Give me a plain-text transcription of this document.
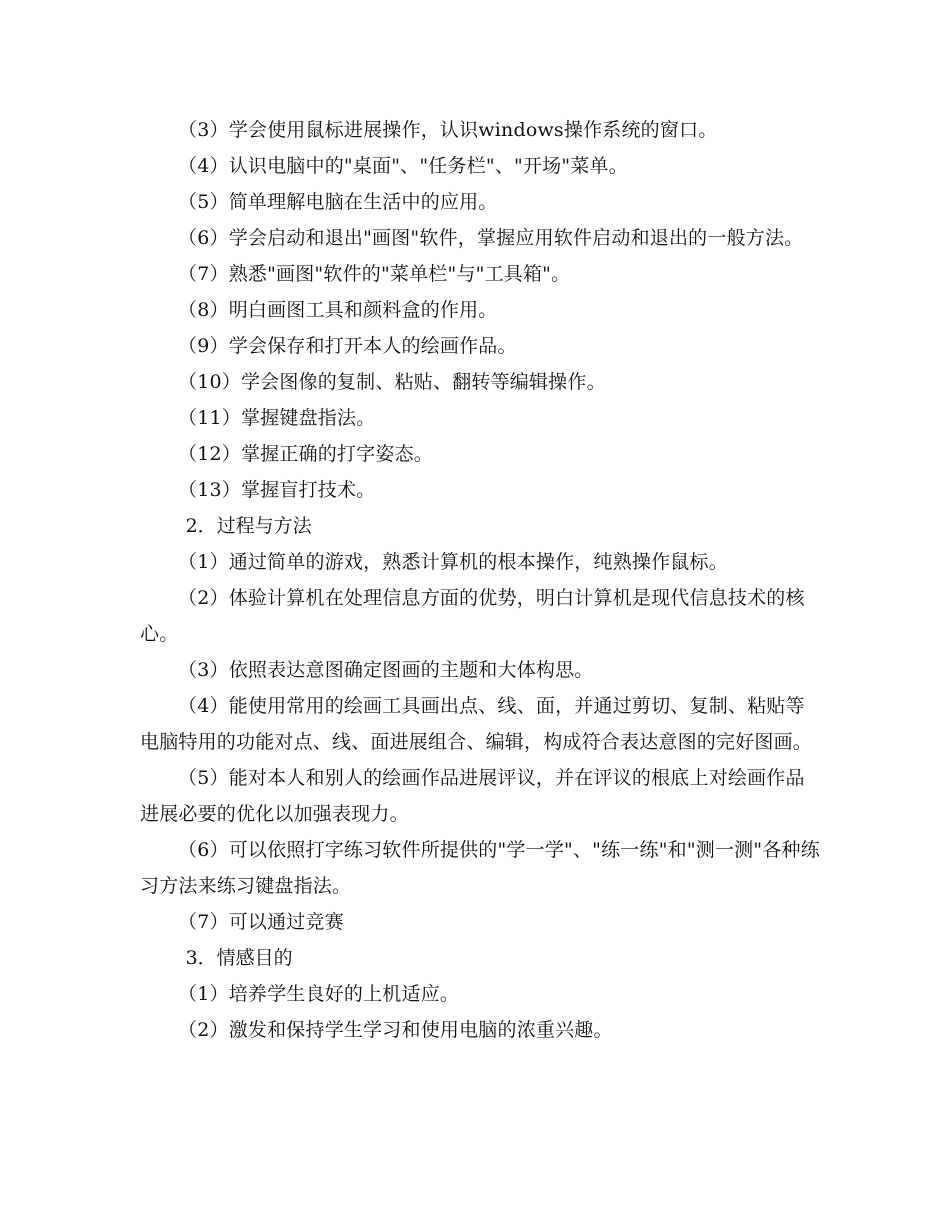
（3）学会使用鼠标进展操作，认识windows操作系统的窗口。

（4）认识电脑中的"桌面"、"任务栏"、"开场"菜单。

（5）简单理解电脑在生活中的应用。

（6）学会启动和退出"画图"软件，掌握应用软件启动和退出的一般方法。

（7）熟悉"画图"软件的"菜单栏"与"工具箱"。

（8）明白画图工具和颜料盒的作用。

（9）学会保存和打开本人的绘画作品。

（10）学会图像的复制、粘贴、翻转等编辑操作。

（11）掌握键盘指法。

（12）掌握正确的打字姿态。

（13）掌握盲打技术。

2．过程与方法

（1）通过简单的游戏，熟悉计算机的根本操作，纯熟操作鼠标。

（2）体验计算机在处理信息方面的优势，明白计算机是现代信息技术的核心。

（3）依照表达意图确定图画的主题和大体构思。

（4）能使用常用的绘画工具画出点、线、面，并通过剪切、复制、粘贴等电脑特用的功能对点、线、面进展组合、编辑，构成符合表达意图的完好图画。

（5）能对本人和别人的绘画作品进展评议，并在评议的根底上对绘画作品进展必要的优化以加强表现力。

（6）可以依照打字练习软件所提供的"学一学"、"练一练"和"测一测"各种练习方法来练习键盘指法。

（7）可以通过竞赛

3．情感目的

（1）培养学生良好的上机适应。

（2）激发和保持学生学习和使用电脑的浓重兴趣。
